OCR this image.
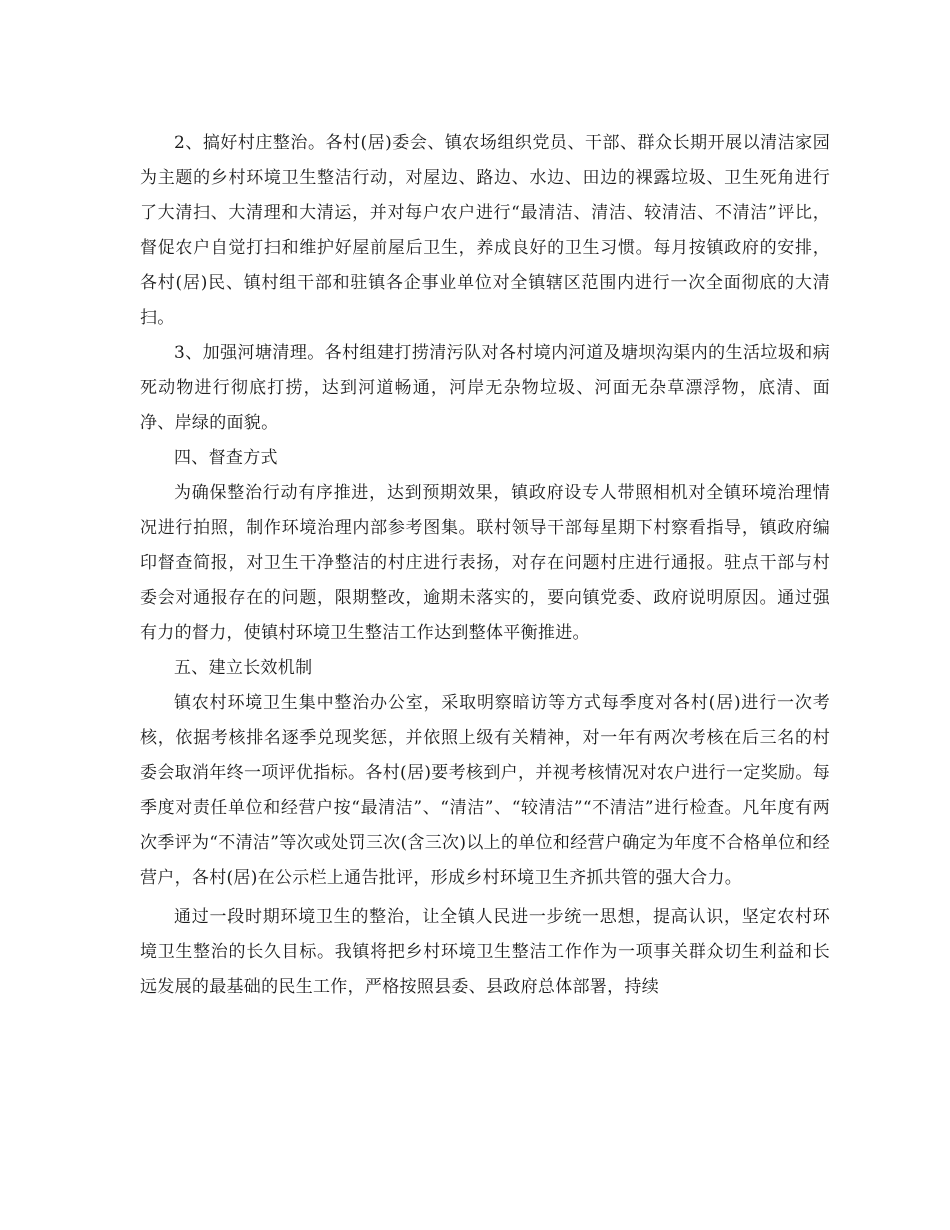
2、搞好村庄整治。各村(居)委会、镇农场组织党员、干部、群众长期开展以清洁家园为主题的乡村环境卫生整洁行动，对屋边、路边、水边、田边的裸露垃圾、卫生死角进行了大清扫、大清理和大清运，并对每户农户进行“最清洁、清洁、较清洁、不清洁”评比，督促农户自觉打扫和维护好屋前屋后卫生，养成良好的卫生习惯。每月按镇政府的安排，各村(居)民、镇村组干部和驻镇各企事业单位对全镇辖区范围内进行一次全面彻底的大清扫。

3、加强河塘清理。各村组建打捞清污队对各村境内河道及塘坝沟渠内的生活垃圾和病死动物进行彻底打捞，达到河道畅通，河岸无杂物垃圾、河面无杂草漂浮物，底清、面净、岸绿的面貌。

四、督查方式

为确保整治行动有序推进，达到预期效果，镇政府设专人带照相机对全镇环境治理情况进行拍照，制作环境治理内部参考图集。联村领导干部每星期下村察看指导，镇政府编印督查简报，对卫生干净整洁的村庄进行表扬，对存在问题村庄进行通报。驻点干部与村委会对通报存在的问题，限期整改，逾期未落实的，要向镇党委、政府说明原因。通过强有力的督力，使镇村环境卫生整洁工作达到整体平衡推进。

五、建立长效机制

镇农村环境卫生集中整治办公室，采取明察暗访等方式每季度对各村(居)进行一次考核，依据考核排名逐季兑现奖惩，并依照上级有关精神，对一年有两次考核在后三名的村委会取消年终一项评优指标。各村(居)要考核到户，并视考核情况对农户进行一定奖励。每季度对责任单位和经营户按“最清洁”、“清洁”、“较清洁”“不清洁”进行检查。凡年度有两次季评为“不清洁”等次或处罚三次(含三次)以上的单位和经营户确定为年度不合格单位和经营户，各村(居)在公示栏上通告批评，形成乡村环境卫生齐抓共管的强大合力。

通过一段时期环境卫生的整治，让全镇人民进一步统一思想，提高认识，坚定农村环境卫生整治的长久目标。我镇将把乡村环境卫生整洁工作作为一项事关群众切生利益和长远发展的最基础的民生工作，严格按照县委、县政府总体部署，持续
